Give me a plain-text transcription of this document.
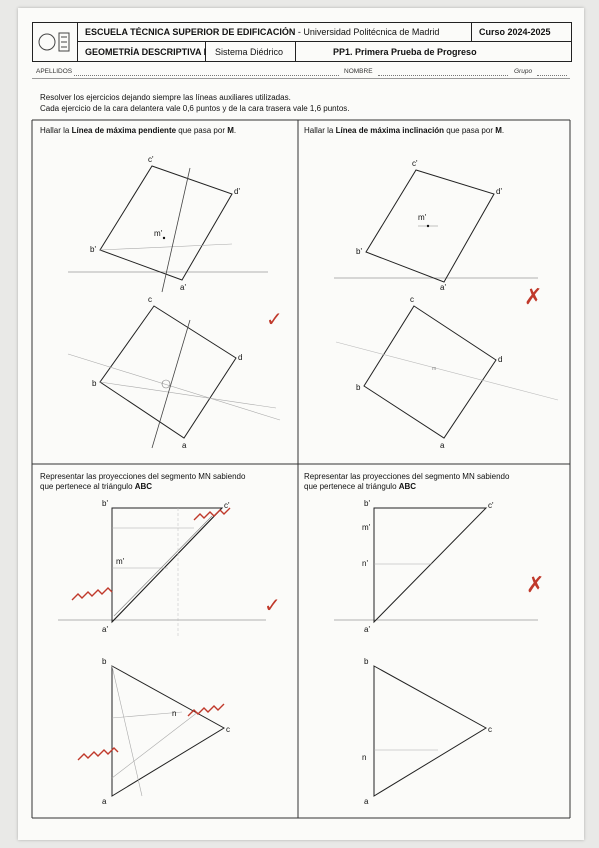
ESCUELA TÉCNICA SUPERIOR DE EDIFICACIÓN - Universidad Politécnica de Madrid	Curso 2024-2025
GEOMETRÍA DESCRIPTIVA I Sistema Diédrico	PP1. Primera Prueba de Progreso
APELLIDOS	NOMBRE	Grupo
Resolver los ejercicios dejando siempre las líneas auxiliares utilizadas.
Cada ejercicio de la cara delantera vale 0,6 puntos y de la cara trasera vale 1,6 puntos.
Hallar la Línea de máxima pendiente que pasa por M.	Hallar la Línea de máxima inclinación que pasa por M.
Representar las proyecciones del segmento MN sabiendo
que pertenece al triángulo ABC
Representar las proyecciones del segmento MN sabiendo
que pertenece al triángulo ABC
c'
d'
m'
b'
a'
c
d
b
a
✓
c'
d'
m'
b'
a'
m
c
d
b
a
✗
b'	c'
m'
a'
b
c
n
a
✓
b'	c'
m'
n'
a'
b
c
n
a
✗
